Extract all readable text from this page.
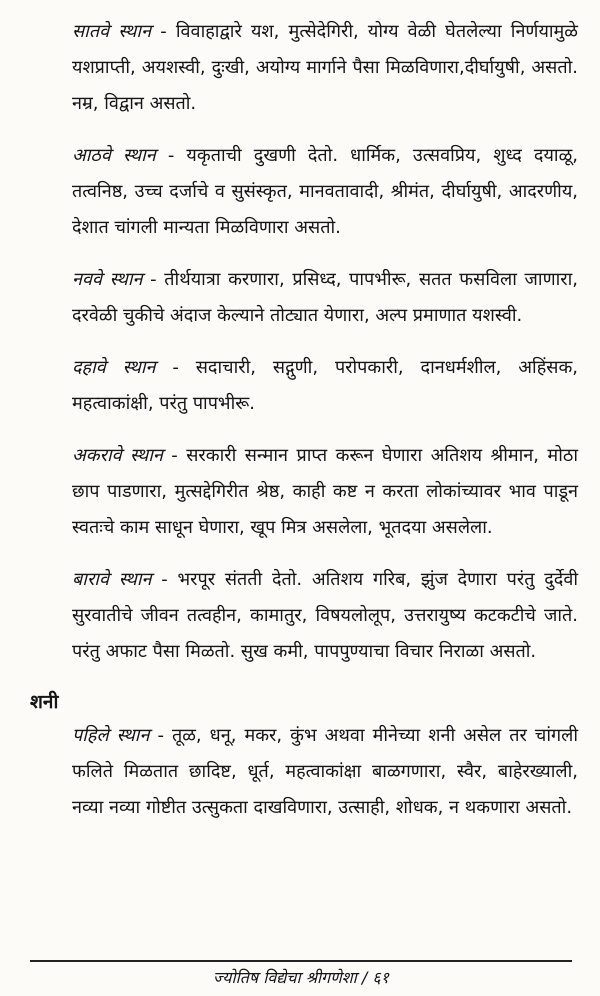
सातवे स्थान - विवाहाद्वारे यश, मुत्सेदेगिरी, योग्य वेळी घेतलेल्या निर्णयामुळे यशप्राप्ती, अयशस्वी, दुःखी, अयोग्य मार्गाने पैसा मिळविणारा,दीर्घायुषी, असतो. नम्र, विद्वान असतो.

आठवे स्थान - यकृताची दुखणी देतो. धार्मिक, उत्सवप्रिय, शुध्द दयाळू, तत्वनिष्ठ, उच्च दर्जाचे व सुसंस्कृत, मानवतावादी, श्रीमंत, दीर्घायुषी, आदरणीय, देशात चांगली मान्यता मिळविणारा असतो.

नववे स्थान - तीर्थयात्रा करणारा, प्रसिध्द, पापभीरू, सतत फसविला जाणारा, दरवेळी चुकीचे अंदाज केल्याने तोट्यात येणारा, अल्प प्रमाणात यशस्वी.

दहावे स्थान - सदाचारी, सद्गुणी, परोपकारी, दानधर्मशील, अहिंसक, महत्वाकांक्षी, परंतु पापभीरू.

अकरावे स्थान - सरकारी सन्मान प्राप्त करून घेणारा अतिशय श्रीमान, मोठा छाप पाडणारा, मुत्सद्देगिरीत श्रेष्ठ, काही कष्ट न करता लोकांच्यावर भाव पाडून स्वतःचे काम साधून घेणारा, खूप मित्र असलेला, भूतदया असलेला.

बारावे स्थान - भरपूर संतती देतो. अतिशय गरिब, झुंज देणारा परंतु दुर्देवी सुरवातीचे जीवन तत्वहीन, कामातुर, विषयलोलूप, उत्तरायुष्य कटकटीचे जाते. परंतु अफाट पैसा मिळतो. सुख कमी, पापपुण्याचा विचार निराळा असतो.

शनी

पहिले स्थान - तूळ, धनू, मकर, कुंभ अथवा मीनेच्या शनी असेल तर चांगली फलिते मिळतात छादिष्ट, धूर्त, महत्वाकांक्षा बाळगणारा, स्वैर, बाहेरख्याली, नव्या नव्या गोष्टीत उत्सुकता दाखविणारा, उत्साही, शोधक, न थकणारा असतो.

ज्योतिष विद्येचा श्रीगणेशा / ६१
